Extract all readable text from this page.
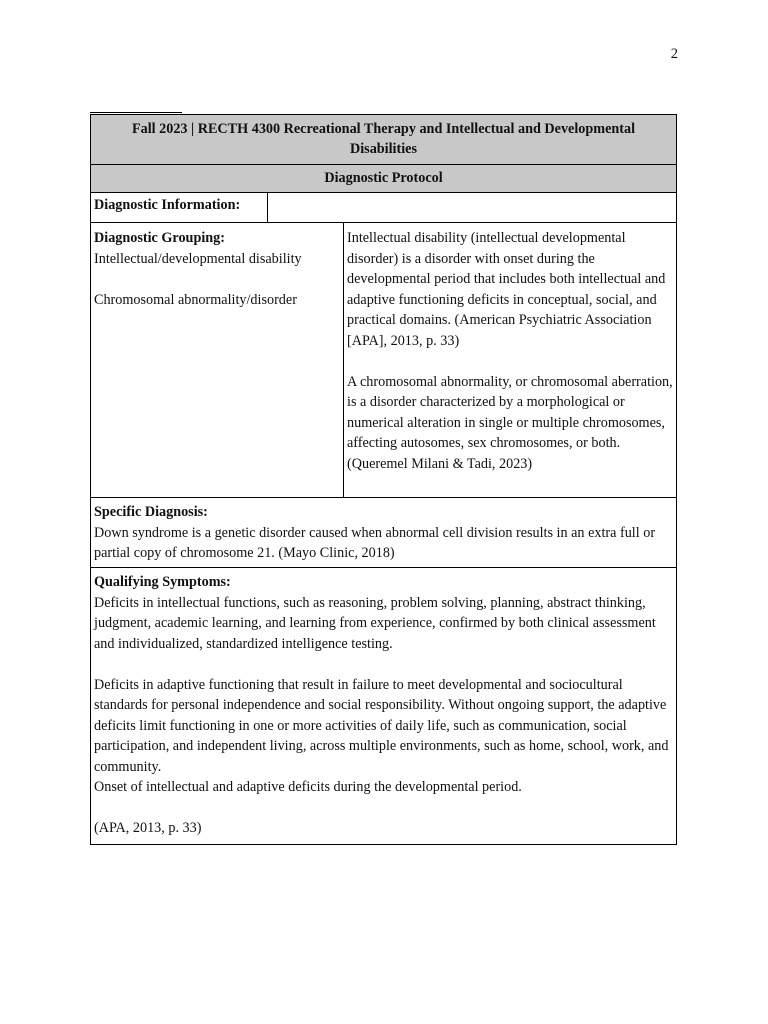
2
Fall 2023 | RECTH 4300 Recreational Therapy and Intellectual and Developmental Disabilities
Diagnostic Protocol
Diagnostic Information:

Diagnostic Grouping:

Intellectual/developmental disability

Chromosomal abnormality/disorder

Intellectual disability (intellectual developmental disorder) is a disorder with onset during the developmental period that includes both intellectual and adaptive functioning deficits in conceptual, social, and practical domains. (American Psychiatric Association [APA], 2013, p. 33)

A chromosomal abnormality, or chromosomal aberration, is a disorder characterized by a morphological or numerical alteration in single or multiple chromosomes, affecting autosomes, sex chromosomes, or both. (Queremel Milani & Tadi, 2023)

Specific Diagnosis:

Down syndrome is a genetic disorder caused when abnormal cell division results in an extra full or partial copy of chromosome 21. (Mayo Clinic, 2018)

Qualifying Symptoms:

Deficits in intellectual functions, such as reasoning, problem solving, planning, abstract thinking, judgment, academic learning, and learning from experience, confirmed by both clinical assessment and individualized, standardized intelligence testing.

Deficits in adaptive functioning that result in failure to meet developmental and sociocultural standards for personal independence and social responsibility. Without ongoing support, the adaptive deficits limit functioning in one or more activities of daily life, such as communication, social participation, and independent living, across multiple environments, such as home, school, work, and community.

Onset of intellectual and adaptive deficits during the developmental period.

(APA, 2013, p. 33)
